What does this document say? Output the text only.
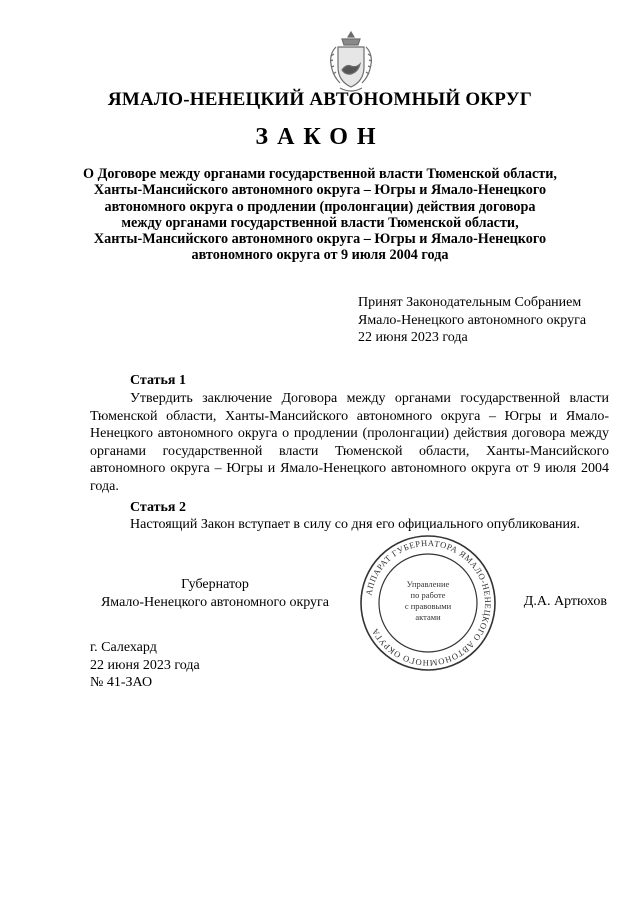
ЯМАЛО-НЕНЕЦКИЙ АВТОНОМНЫЙ ОКРУГ
ЗАКОН
О Договоре между органами государственной власти Тюменской области,
Ханты-Мансийского автономного округа – Югры и Ямало-Ненецкого
автономного округа о продлении (пролонгации) действия договора
между органами государственной власти Тюменской области,
Ханты-Мансийского автономного округа – Югры и Ямало-Ненецкого
автономного округа от 9 июля 2004 года
Принят Законодательным Собранием
Ямало-Ненецкого автономного округа
22 июня 2023 года
Статья 1
Утвердить заключение Договора между органами государственной власти Тюменской области, Ханты-Мансийского автономного округа – Югры и Ямало-Ненецкого автономного округа о продлении (пролонгации) действия договора между органами государственной власти Тюменской области, Ханты-Мансийского автономного округа – Югры и Ямало-Ненецкого автономного округа от 9 июля 2004 года.
Статья 2
Настоящий Закон вступает в силу со дня его официального опубликования.
Губернатор
Ямало-Ненецкого автономного округа
АППАРАТ ГУБЕРНАТОРА ЯМАЛО-НЕНЕЦКОГО АВТОНОМНОГО ОКРУГА
Управление
по работе
с правовыми
актами
Д.А. Артюхов
г. Салехард
22 июня 2023 года
№ 41-ЗАО
